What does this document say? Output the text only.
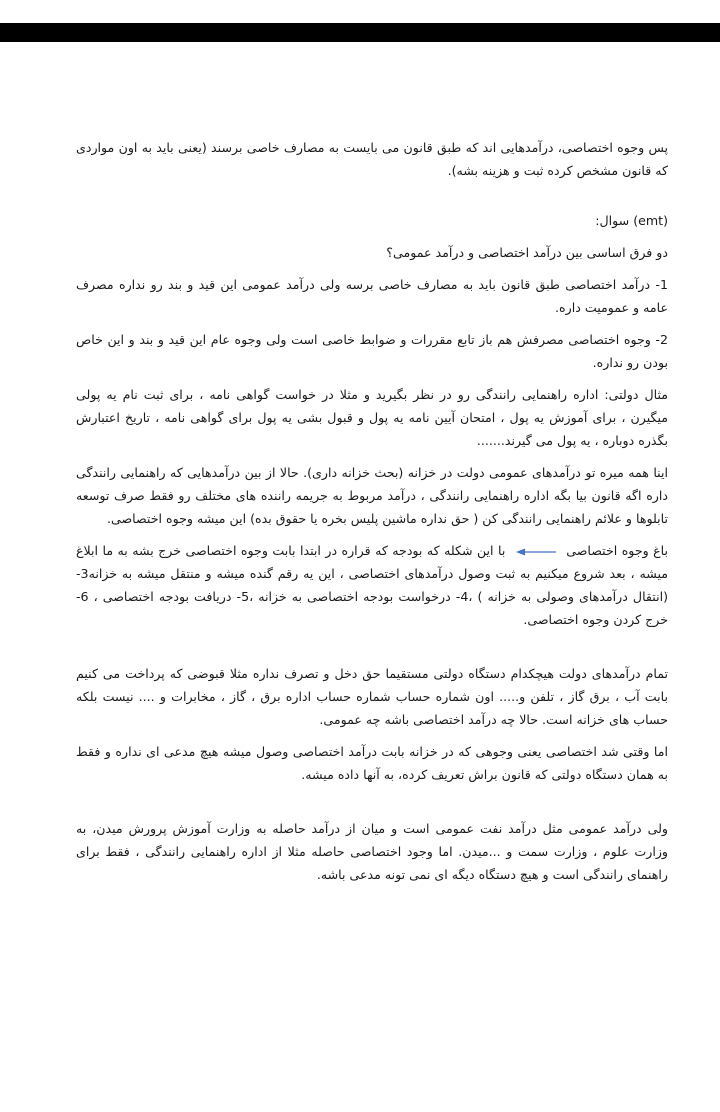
پس وجوه اختصاصی، درآمدهایی اند که طبق قانون می بایست به مصارف خاصی برسند (یعنی باید به اون مواردی که قانون مشخص کرده ثبت و هزینه بشه).

(emt) سوال:

دو فرق اساسی بین درآمد اختصاصی و درآمد عمومی؟

1- درآمد اختصاصی طبق قانون باید به مصارف خاصی برسه ولی درآمد عمومی این قید و بند رو نداره مصرف عامه و عمومیت داره.

2- وجوه اختصاصی مصرفش هم باز تابع مقررات و ضوابط خاصی است ولی وجوه عام این قید و بند و این خاص بودن رو نداره.

مثال دولتی: اداره راهنمایی رانندگی رو در نظر بگیرید و مثلا در خواست گواهی نامه ، برای ثبت نام یه پولی میگیرن ، برای آموزش یه پول ، امتحان آیین نامه یه پول و قبول بشی یه پول برای گواهی نامه ، تاریخ اعتبارش بگذره دوباره ، یه پول می گیرند.......

اینا همه میره تو درآمدهای عمومی دولت در خزانه (بحث خزانه داری). حالا از بین درآمدهایی که راهنمایی رانندگی داره اگه قانون بیا بگه اداره راهنمایی رانندگی ، درآمد مربوط به جریمه راننده های مختلف رو فقط صرف توسعه تابلوها و علائم راهنمایی رانندگی کن ( حق نداره ماشین پلیس بخره یا حقوق بده) این میشه وجوه اختصاصی.

باغ وجوه اختصاصی  با این شکله که بودجه که قراره در ابتدا بابت وجوه اختصاصی خرج بشه به ما ابلاغ میشه ، بعد شروع میکنیم به ثبت وصول درآمدهای اختصاصی ، این یه رقم گنده میشه و منتقل میشه به خزانه3-(انتقال درآمدهای وصولی به خزانه ) ،4- درخواست بودجه اختصاصی به خزانه ،5- دریافت بودجه اختصاصی ، 6-خرج کردن وجوه اختصاصی.

تمام درآمدهای دولت هیچکدام دستگاه دولتی مستقیما حق دخل و تصرف نداره مثلا قبوضی که پرداخت می کنیم بابت آب ، برق گاز ، تلفن و..... اون شماره حساب شماره حساب اداره برق ، گاز ، مخابرات و .... نیست بلکه حساب های خزانه است. حالا چه درآمد اختصاصی باشه چه عمومی.

اما وقتی شد اختصاصی یعنی وجوهی که در خزانه بابت درآمد اختصاصی وصول میشه هیچ مدعی ای نداره و فقط به همان دستگاه دولتی که قانون براش تعریف کرده، به آنها داده میشه.

ولی درآمد عمومی مثل درآمد نفت عمومی است و میان از درآمد حاصله به وزارت آموزش پرورش میدن، به وزارت علوم ، وزارت سمت و ...میدن. اما وجود اختصاصی حاصله مثلا از اداره راهنمایی رانندگی ، فقط برای راهنمای رانندگی است و هیچ دستگاه دیگه ای نمی تونه مدعی باشه.
